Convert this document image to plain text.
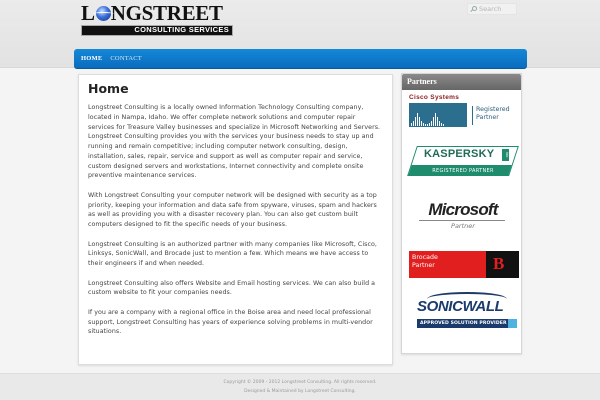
L NGSTREET
CONSULTING SERVICES
Search
HOME CONTACT
Home

Longstreet Consulting is a locally owned Information Technology Consulting company, located in Nampa, Idaho. We offer complete network solutions and computer repair services for Treasure Valley businesses and specialize in Microsoft Networking and Servers. Longstreet Consulting provides you with the services your business needs to stay up and running and remain competitive; including computer network consulting, design, installation, sales, repair, service and support as well as computer repair and service, custom designed servers and workstations, Internet connectivity and complete onsite preventive maintenance services.

With Longstreet Consulting your computer network will be designed with security as a top priority, keeping your information and data safe from spyware, viruses, spam and hackers as well as providing you with a disaster recovery plan. You can also get custom built computers designed to fit the specific needs of your business.

Longstreet Consulting is an authorized partner with many companies like Microsoft, Cisco, Linksys, SonicWall, and Brocade just to mention a few. Which means we have access to their engineers if and when needed.

Longstreet Consulting also offers Website and Email hosting services. We can also build a custom website to fit your companies needs.

If you are a company with a regional office in the Boise area and need local professional support, Longstreet Consulting has years of experience solving problems in multi-vendor situations.

Partners
Cisco Systems
Registered
Partner
KASPERSKY	lab
REGISTERED PARTNER
Microsoft
Partner
Brocade
Partner	B
SONICWALL
APPROVED SOLUTION PROVIDER
Copyright © 2009 - 2012 Longstreet Consulting. All rights reserved.
Designed & Maintained by Longstreet Consulting.
